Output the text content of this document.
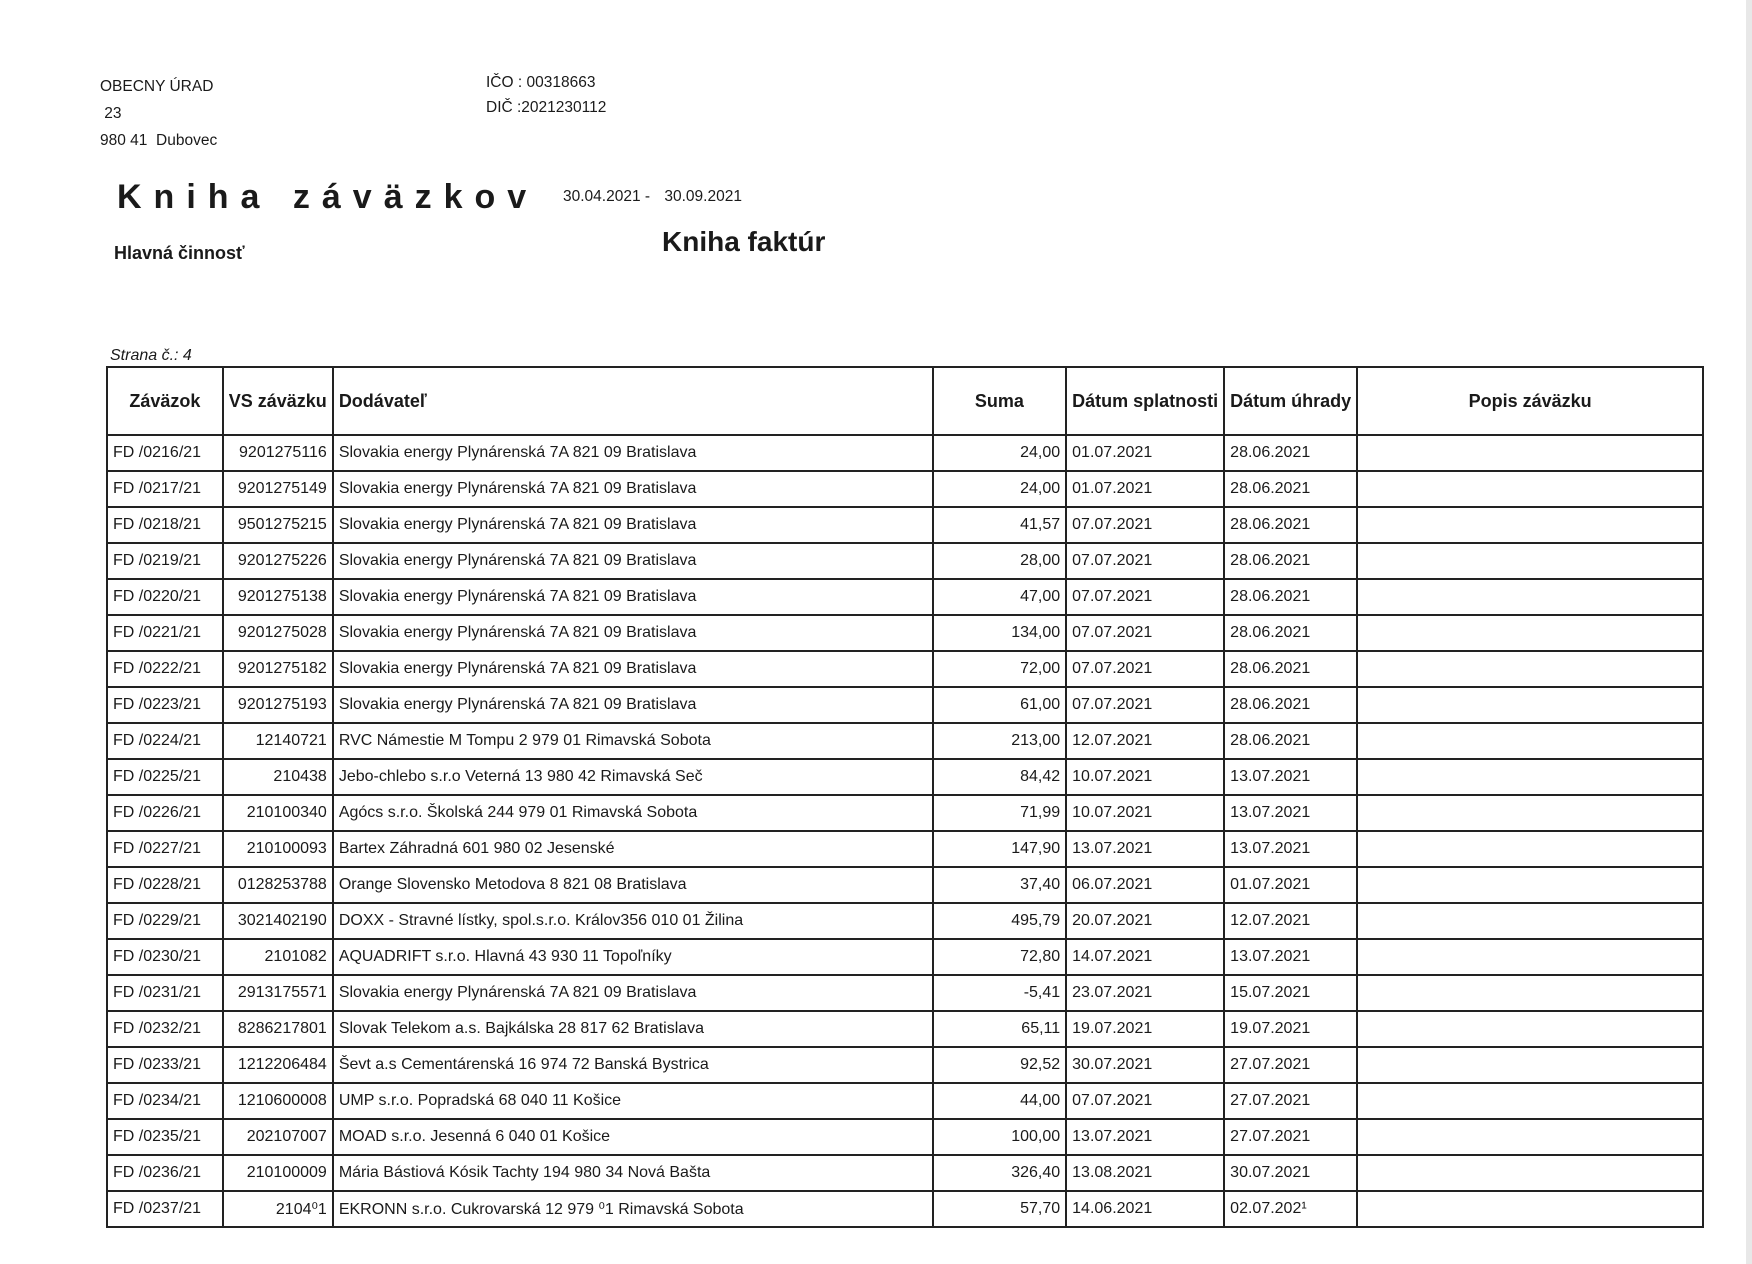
OBECNY ÚRAD
23
980 41  Dubovec
IČO : 00318663
DIČ :2021230112
Kniha záväzkov 30.04.2021 - 30.09.2021
Kniha faktúr
Hlavná činnosť
Strana č.: 4
Záväzok	VS záväzku	Dodávateľ	Suma	Dátum splatnosti	Dátum úhrady	Popis záväzku
FD /0216/21	9201275116	Slovakia energy Plynárenská 7A 821 09 Bratislava	24,00	01.07.2021	28.06.2021	
FD /0217/21	9201275149	Slovakia energy Plynárenská 7A 821 09 Bratislava	24,00	01.07.2021	28.06.2021	
FD /0218/21	9501275215	Slovakia energy Plynárenská 7A 821 09 Bratislava	41,57	07.07.2021	28.06.2021	
FD /0219/21	9201275226	Slovakia energy Plynárenská 7A 821 09 Bratislava	28,00	07.07.2021	28.06.2021	
FD /0220/21	9201275138	Slovakia energy Plynárenská 7A 821 09 Bratislava	47,00	07.07.2021	28.06.2021	
FD /0221/21	9201275028	Slovakia energy Plynárenská 7A 821 09 Bratislava	134,00	07.07.2021	28.06.2021	
FD /0222/21	9201275182	Slovakia energy Plynárenská 7A 821 09 Bratislava	72,00	07.07.2021	28.06.2021	
FD /0223/21	9201275193	Slovakia energy Plynárenská 7A 821 09 Bratislava	61,00	07.07.2021	28.06.2021	
FD /0224/21	12140721	RVC Námestie M Tompu 2 979 01 Rimavská Sobota	213,00	12.07.2021	28.06.2021	
FD /0225/21	210438	Jebo-chlebo s.r.o Veterná 13 980 42 Rimavská Seč	84,42	10.07.2021	13.07.2021	
FD /0226/21	210100340	Agócs s.r.o. Školská 244 979 01 Rimavská Sobota	71,99	10.07.2021	13.07.2021	
FD /0227/21	210100093	Bartex Záhradná 601 980 02 Jesenské	147,90	13.07.2021	13.07.2021	
FD /0228/21	0128253788	Orange Slovensko Metodova 8 821 08 Bratislava	37,40	06.07.2021	01.07.2021	
FD /0229/21	3021402190	DOXX - Stravné lístky, spol.s.r.o. Králov356 010 01 Žilina	495,79	20.07.2021	12.07.2021	
FD /0230/21	2101082	AQUADRIFT s.r.o. Hlavná 43 930 11 Topoľníky	72,80	14.07.2021	13.07.2021	
FD /0231/21	2913175571	Slovakia energy Plynárenská 7A 821 09 Bratislava	-5,41	23.07.2021	15.07.2021	
FD /0232/21	8286217801	Slovak Telekom a.s. Bajkálska 28 817 62 Bratislava	65,11	19.07.2021	19.07.2021	
FD /0233/21	1212206484	Ševt a.s Cementárenská 16 974 72 Banská Bystrica	92,52	30.07.2021	27.07.2021	
FD /0234/21	1210600008	UMP s.r.o. Popradská 68 040 11 Košice	44,00	07.07.2021	27.07.2021	
FD /0235/21	202107007	MOAD s.r.o. Jesenná 6 040 01 Košice	100,00	13.07.2021	27.07.2021	
FD /0236/21	210100009	Mária Bástiová Kósik Tachty 194 980 34 Nová Bašta	326,40	13.08.2021	30.07.2021	
FD /0237/21	2104⁰1	EKRONN s.r.o. Cukrovarská 12 979 ⁰1 Rimavská Sobota	57,70	14.06.2021	02.07.202¹	
